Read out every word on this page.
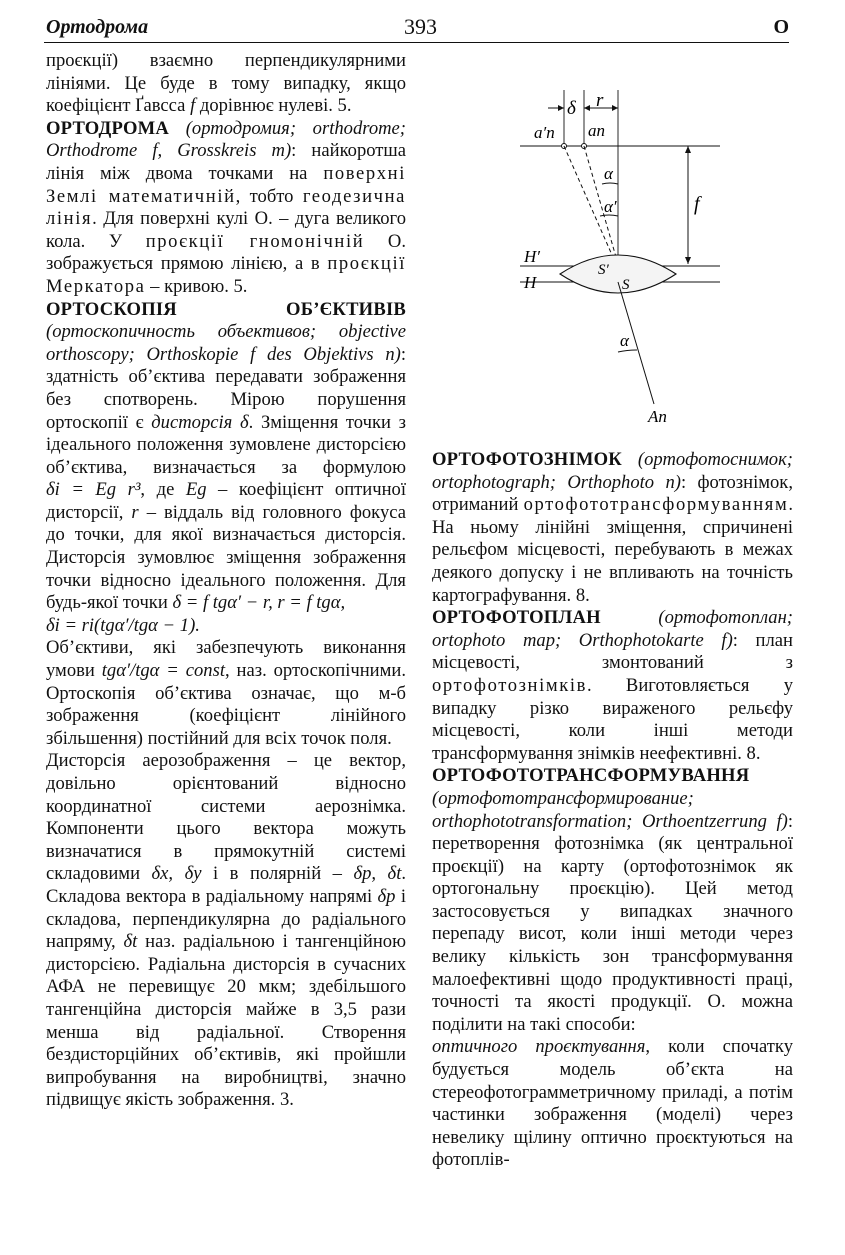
Ортодрома	393	О

проєкції) взаємно перпендикулярними лініями. Це буде в тому випадку, якщо коефіцієнт Ґавсса f дорівнює нулеві. 5.

ОРТОДРОМА (ортодромия; orthodrome; Orthodrome f, Grosskreis m): найкоротша лінія між двома точками на поверхні Землі математичній, тобто геодезична лінія. Для поверхні кулі О. – дуга великого кола. У проєкції гномонічній О. зображується прямою лінією, а в проєкції Меркатора – кривою. 5.

ОРТОСКОПІЯ ОБ’ЄКТИВІВ (ортоскопичность объективов; objective orthoscopy; Orthoskopie f des Objektivs n): здатність об’єктива передавати зображення без спотворень. Мірою порушення ортоскопії є дисторсія δ. Зміщення точки з ідеального положення зумовлене дисторсією об’єктива, визначається за формулою δi = Eg r³, де Eg – коефіцієнт оптичної дисторсії, r – віддаль від головного фокуса до точки, для якої визначається дисторсія. Дисторсія зумовлює зміщення зображення точки відносно ідеального положення. Для будь-якої точки δ = f tgα′ − r, r = f tgα,

δi = ri(tgα′/tgα − 1).

Об’єктиви, які забезпечують виконання умови tgα′/tgα = const, наз. ортоскопічними. Ортоскопія об’єктива означає, що м-б зображення (коефіцієнт лінійного збільшення) постійний для всіх точок поля.

Дисторсія аерозображення – це вектор, довільно орієнтований відносно координатної системи аерознімка. Компоненти цього вектора можуть визначатися в прямокутній системі складовими δx, δy і в полярній – δp, δt. Складова вектора в радіальному напрямі δp і складова, перпендикулярна до радіального напряму, δt наз. радіальною і тангенційною дисторсією. Радіальна дисторсія в сучасних АФА не перевищує 20 мкм; здебільшого тангенційна дисторсія майже в 3,5 рази менша від радіальної. Створення бездисторційних об’єктивів, які пройшли випробування на виробництві, значно підвищує якість зображення. 3.

δ r
a′n an
α
α′	f
H′
H
S′
S
α
An

ОРТОФОТОЗНІМОК (ортофотоснимок; ortophotograph; Orthophoto n): фотознімок, отриманий ортофототрансформуванням. На ньому лінійні зміщення, спричинені рельєфом місцевості, перебувають в межах деякого допуску і не впливають на точність картографування. 8.

ОРТОФОТОПЛАН	(ортофотоплан; ortophoto map; Orthophotokarte f): план місцевості, змонтований з ортофотознімків. Виготовляється у випадку різко вираженого рельєфу місцевості, коли інші методи трансформування знімків неефективні. 8.

ОРТОФОТОТРАНСФОРМУВАННЯ (ортофототрансформирование; orthophototransformation; Orthoentzerrung f): перетворення фотознімка (як центральної проєкції) на карту (ортофотознімок як ортогональну проєкцію). Цей метод застосовується у випадках значного перепаду висот, коли інші методи через велику кількість зон трансформування малоефективні щодо продуктивності праці, точності та якості продукції. О. можна поділити на такі способи:

оптичного проєктування, коли спочатку будується модель об’єкта на стереофотограмметричному приладі, а потім частинки зображення (моделі) через невелику щілину оптично проєктуються на фотоплів-
